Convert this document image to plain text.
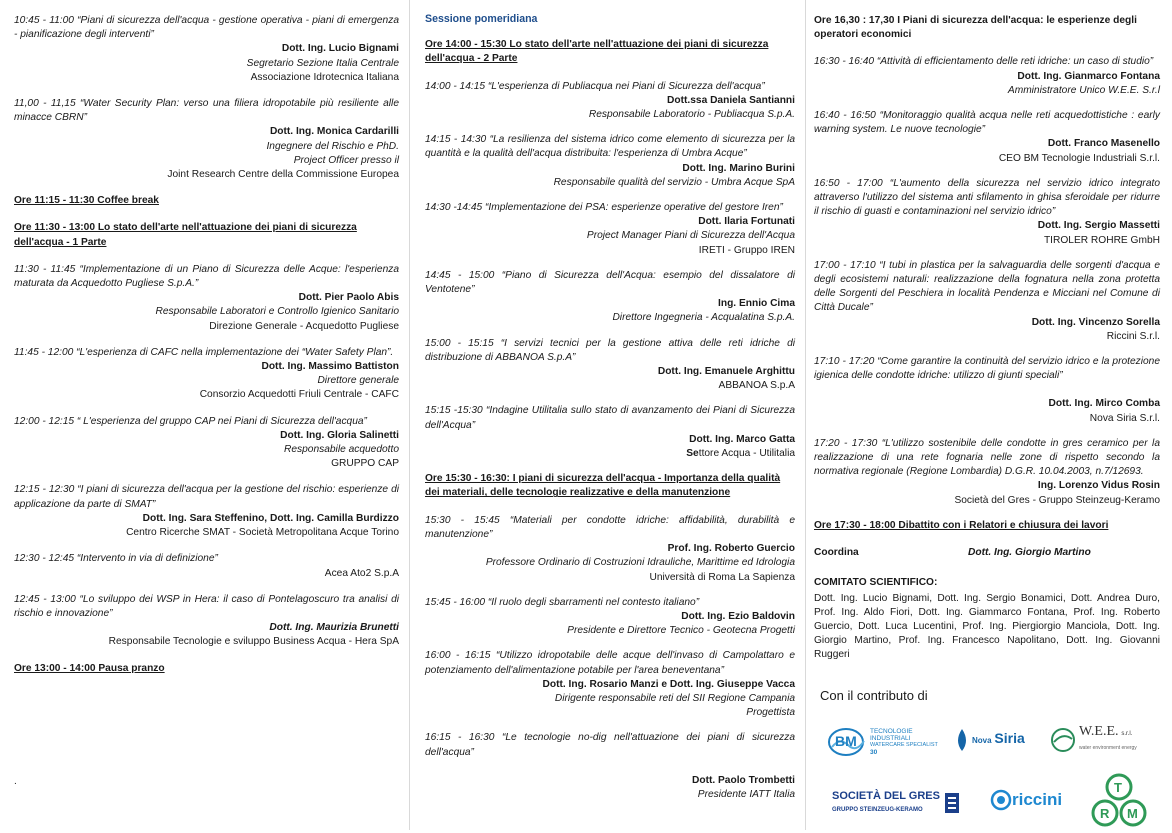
10:45 - 11:00 “Piani di sicurezza dell'acqua - gestione operativa - piani di emergenza - pianificazione degli interventi”
Dott. Ing. Lucio Bignami
Segretario Sezione Italia Centrale
Associazione Idrotecnica Italiana
11,00 - 11,15 “Water Security Plan: verso una filiera idropotabile più resiliente alle minacce CBRN”
Dott. Ing. Monica Cardarilli
Ingegnere del Rischio e PhD.
Project Officer presso il
Joint Research Centre della Commissione Europea
Ore 11:15 - 11:30 Coffee break
Ore 11:30 - 13:00 Lo stato dell'arte nell'attuazione dei piani di sicurezza dell'acqua - 1 Parte
11:30 - 11:45 “Implementazione di un Piano di Sicurezza delle Acque: l'esperienza maturata da Acquedotto Pugliese S.p.A.”
Dott. Pier Paolo Abis
Responsabile Laboratori e Controllo Igienico Sanitario
Direzione Generale - Acquedotto Pugliese
11:45 - 12:00 “L'esperienza di CAFC nella implementazione dei “Water Safety Plan”.
Dott. Ing. Massimo Battiston
Direttore generale
Consorzio Acquedotti Friuli Centrale - CAFC
12:00 - 12:15 “ L'esperienza del gruppo CAP nei Piani di Sicurezza dell'acqua”
Dott. Ing. Gloria Salinetti
Responsabile acquedotto
GRUPPO CAP
12:15 - 12:30 “I piani di sicurezza dell'acqua per la gestione del rischio: esperienze di applicazione da parte di SMAT”
Dott. Ing. Sara Steffenino, Dott. Ing. Camilla Burdizzo
Centro Ricerche SMAT - Società Metropolitana Acque Torino
12:30 - 12:45 “Intervento in via di definizione”
Acea Ato2 S.p.A
12:45 - 13:00 “Lo sviluppo dei WSP in Hera: il caso di Pontelagoscuro tra analisi di rischio e innovazione”
Dott. Ing. Maurizia Brunetti
Responsabile Tecnologie e sviluppo Business Acqua - Hera SpA
Ore 13:00 - 14:00 Pausa pranzo
Sessione pomeridiana
Ore 14:00 - 15:30 Lo stato dell'arte nell'attuazione dei piani di sicurezza dell'acqua - 2 Parte
14:00 - 14:15 “L'esperienza di Publiacqua nei Piani di Sicurezza dell'acqua”
Dott.ssa Daniela Santianni
Responsabile Laboratorio - Publiacqua S.p.A.
14:15 - 14:30 “La resilienza del sistema idrico come elemento di sicurezza per la quantità e la qualità dell'acqua distribuita: l'esperienza di Umbra Acque”
Dott. Ing. Marino Burini
Responsabile qualità del servizio - Umbra Acque SpA
14:30 -14:45 “Implementazione dei PSA: esperienze operative del gestore Iren”
Dott. Ilaria Fortunati
Project Manager Piani di Sicurezza dell'Acqua
IRETI - Gruppo IREN
14:45 - 15:00 “Piano di Sicurezza dell'Acqua: esempio del dissalatore di Ventotene”
Ing. Ennio Cima
Direttore Ingegneria - Acqualatina S.p.A.
15:00 - 15:15 “I servizi tecnici per la gestione attiva delle reti idriche di distribuzione di ABBANOA S.p.A”
Dott. Ing. Emanuele Arghittu
ABBANOA S.p.A
15:15 -15:30 “Indagine Utilitalia sullo stato di avanzamento dei Piani di Sicurezza dell'Acqua”
Dott. Ing. Marco Gatta
Settore Acqua - Utilitalia
Ore 15:30 - 16:30: I piani di sicurezza dell'acqua - Importanza della qualità dei materiali, delle tecnologie realizzative e della manutenzione
15:30 - 15:45 “Materiali per condotte idriche: affidabilità, durabilità e manutenzione”
Prof. Ing. Roberto Guercio
Professore Ordinario di Costruzioni Idrauliche, Marittime ed Idrologia
Università di Roma La Sapienza
15:45 - 16:00 “Il ruolo degli sbarramenti nel contesto italiano”
Dott. Ing. Ezio Baldovin
Presidente e Direttore Tecnico - Geotecna Progetti
16:00 - 16:15 “Utilizzo idropotabile delle acque dell'invaso di Campolattaro e potenziamento dell'alimentazione potabile per l'area beneventana”
Dott. Ing. Rosario Manzi e Dott. Ing. Giuseppe Vacca
Dirigente responsabile reti del SII Regione Campania
Progettista
16:15 - 16:30 “Le tecnologie no-dig nell'attuazione dei piani di sicurezza dell'acqua”
Dott. Paolo Trombetti
Presidente IATT Italia
Ore 16,30 : 17,30 I Piani di sicurezza dell'acqua: le esperienze degli operatori economici
16:30 - 16:40 “Attività di efficientamento delle reti idriche: un caso di studio”
Dott. Ing. Gianmarco Fontana
Amministratore Unico W.E.E. S.r.l
16:40 - 16:50 “Monitoraggio qualità acqua nelle reti acquedottistiche : early warning system. Le nuove tecnologie”
Dott. Franco Masenello
CEO BM Tecnologie Industriali S.r.l.
16:50 - 17:00 “L'aumento della sicurezza nel servizio idrico integrato attraverso l'utilizzo del sistema anti sfilamento in ghisa sferoidale per ridurre il rischio di guasti e contaminazioni nel servizio idrico”
Dott. Ing. Sergio Massetti
TIROLER ROHRE GmbH
17:00 - 17:10 “I tubi in plastica per la salvaguardia delle sorgenti d'acqua e degli ecosistemi naturali: realizzazione della fognatura nella zona protetta delle Sorgenti del Peschiera in località Pendenza e Micciani nel Comune di Città Ducale”
Dott. Ing. Vincenzo Sorella
Riccini S.r.l.
17:10 - 17:20 “Come garantire la continuità del servizio idrico e la protezione igienica delle condotte idriche: utilizzo di giunti speciali”
Dott. Ing. Mirco Comba
Nova Siria S.r.l.
17:20 - 17:30 “L'utilizzo sostenibile delle condotte in gres ceramico per la realizzazione di una rete fognaria nelle zone di rispetto secondo la normativa regionale (Regione Lombardia) D.G.R. 10.04.2003, n.7/12693.
Ing. Lorenzo Vidus Rosin
Società del Gres - Gruppo Steinzeug-Keramo
Ore 17:30 - 18:00 Dibattito con i Relatori e chiusura dei lavori
Coordina	Dott. Ing. Giorgio Martino
COMITATO SCIENTIFICO:
Dott. Ing. Lucio Bignami, Dott. Ing. Sergio Bonamici, Dott. Andrea Duro, Prof. Ing. Aldo Fiori, Dott. Ing. Giammarco Fontana, Prof. Ing. Roberto Guercio, Dott. Luca Lucentini, Prof. Ing. Piergiorgio Manciola, Dott. Ing. Giorgio Martino, Prof. Ing. Francesco Napolitano, Dott. Ing. Giovanni Ruggeri
Con il contributo di
BM
TECNOLOGIE
INDUSTRIALI
WATERCARE SPECIALIST
30
Nova Siria	W.E.E. s.r.l.
water environment energy
SOCIETÀ DEL GRES
GRUPPO STEINZEUG-KERAMO
riccini
T
R M
.
